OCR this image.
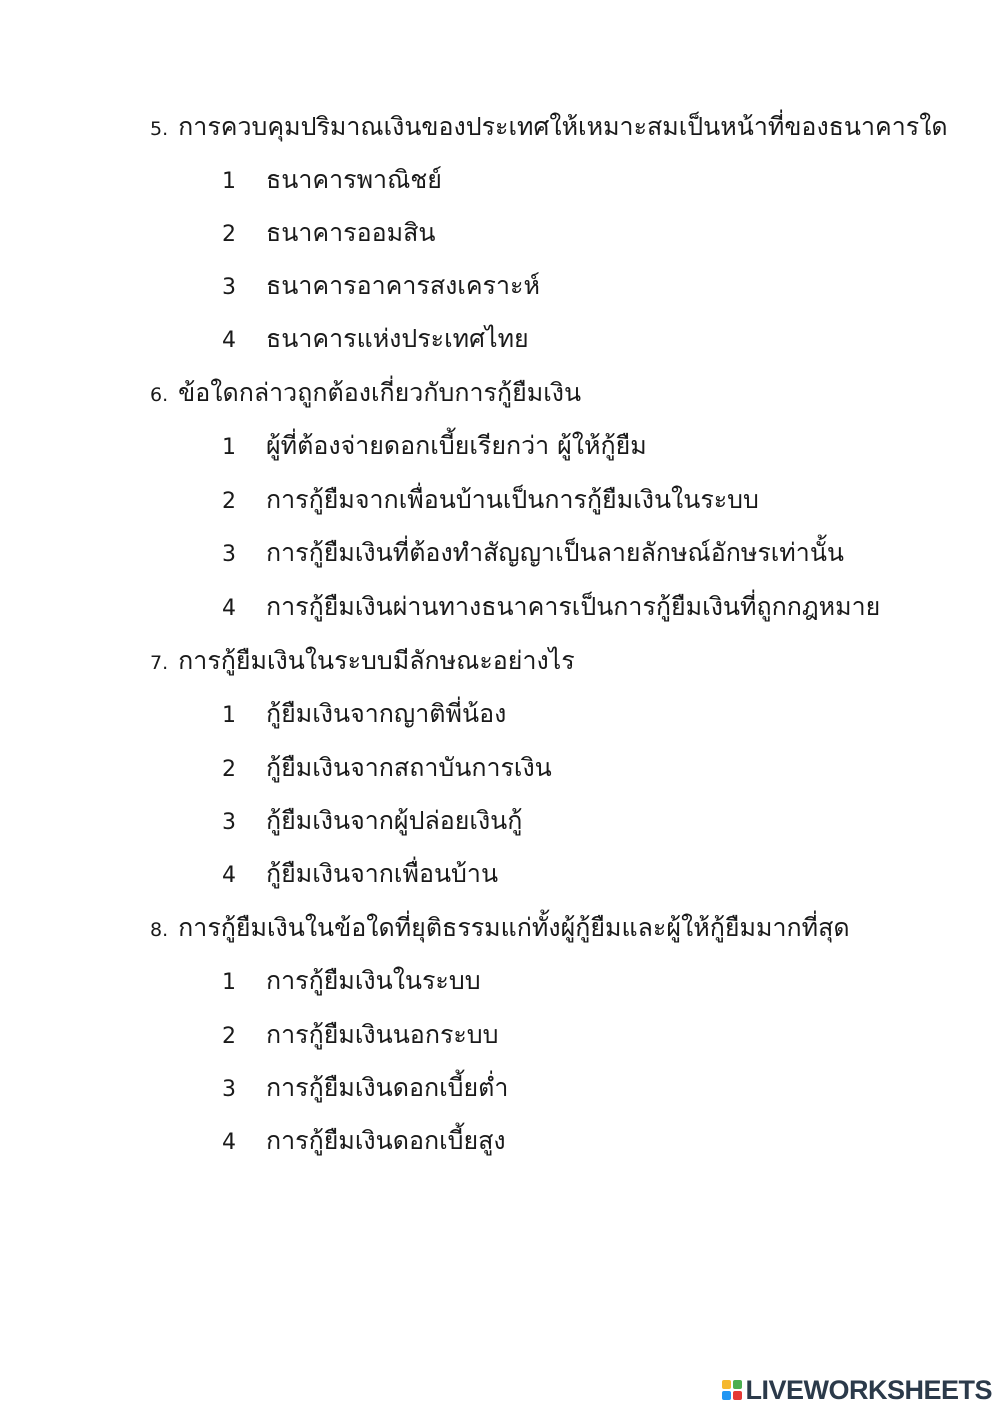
5. การควบคุมปริมาณเงินของประเทศให้เหมาะสมเป็นหน้าที่ของธนาคารใด
1 ธนาคารพาณิชย์
2 ธนาคารออมสิน
3 ธนาคารอาคารสงเคราะห์
4 ธนาคารแห่งประเทศไทย
6. ข้อใดกล่าวถูกต้องเกี่ยวกับการกู้ยืมเงิน
1 ผู้ที่ต้องจ่ายดอกเบี้ยเรียกว่า ผู้ให้กู้ยืม
2 การกู้ยืมจากเพื่อนบ้านเป็นการกู้ยืมเงินในระบบ
3 การกู้ยืมเงินที่ต้องทำสัญญาเป็นลายลักษณ์อักษรเท่านั้น
4 การกู้ยืมเงินผ่านทางธนาคารเป็นการกู้ยืมเงินที่ถูกกฎหมาย
7. การกู้ยืมเงินในระบบมีลักษณะอย่างไร
1 กู้ยืมเงินจากญาติพี่น้อง
2 กู้ยืมเงินจากสถาบันการเงิน
3 กู้ยืมเงินจากผู้ปล่อยเงินกู้
4 กู้ยืมเงินจากเพื่อนบ้าน
8. การกู้ยืมเงินในข้อใดที่ยุติธรรมแก่ทั้งผู้กู้ยืมและผู้ให้กู้ยืมมากที่สุด
1 การกู้ยืมเงินในระบบ
2 การกู้ยืมเงินนอกระบบ
3 การกู้ยืมเงินดอกเบี้ยต่ำ
4 การกู้ยืมเงินดอกเบี้ยสูง
LIVEWORKSHEETS
